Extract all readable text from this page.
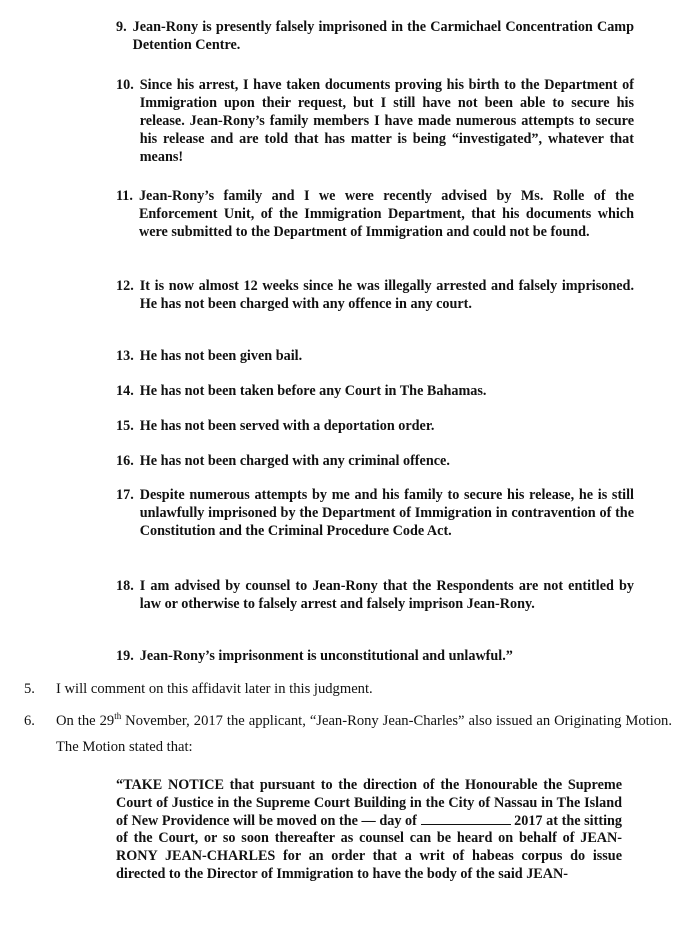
9. Jean-Rony is presently falsely imprisoned in the Carmichael Concentration Camp Detention Centre.
10. Since his arrest, I have taken documents proving his birth to the Department of Immigration upon their request, but I still have not been able to secure his release. Jean-Rony’s family members I have made numerous attempts to secure his release and are told that has matter is being “investigated”, whatever that means!
11. Jean-Rony’s family and I we were recently advised by Ms. Rolle of the Enforcement Unit, of the Immigration Department, that his documents which were submitted to the Department of Immigration and could not be found.
12. It is now almost 12 weeks since he was illegally arrested and falsely imprisoned. He has not been charged with any offence in any court.
13. He has not been given bail.
14. He has not been taken before any Court in The Bahamas.
15. He has not been served with a deportation order.
16. He has not been charged with any criminal offence.
17. Despite numerous attempts by me and his family to secure his release, he is still unlawfully imprisoned by the Department of Immigration in contravention of the Constitution and the Criminal Procedure Code Act.
18. I am advised by counsel to Jean-Rony that the Respondents are not entitled by law or otherwise to falsely arrest and falsely imprison Jean-Rony.
19. Jean-Rony’s imprisonment is unconstitutional and unlawful.”
5.	I will comment on this affidavit later in this judgment.
6.	On the 29th November, 2017 the applicant, “Jean-Rony Jean-Charles” also issued an Originating Motion. The Motion stated that:
“TAKE NOTICE that pursuant to the direction of the Honourable the Supreme Court of Justice in the Supreme Court Building in the City of Nassau in The Island of New Providence will be moved on the — day of	2017 at the sitting of the Court, or so soon thereafter as counsel can be heard on behalf of JEAN-RONY JEAN-CHARLES for an order that a writ of habeas corpus do issue directed to the Director of Immigration to have the body of the said JEAN-
